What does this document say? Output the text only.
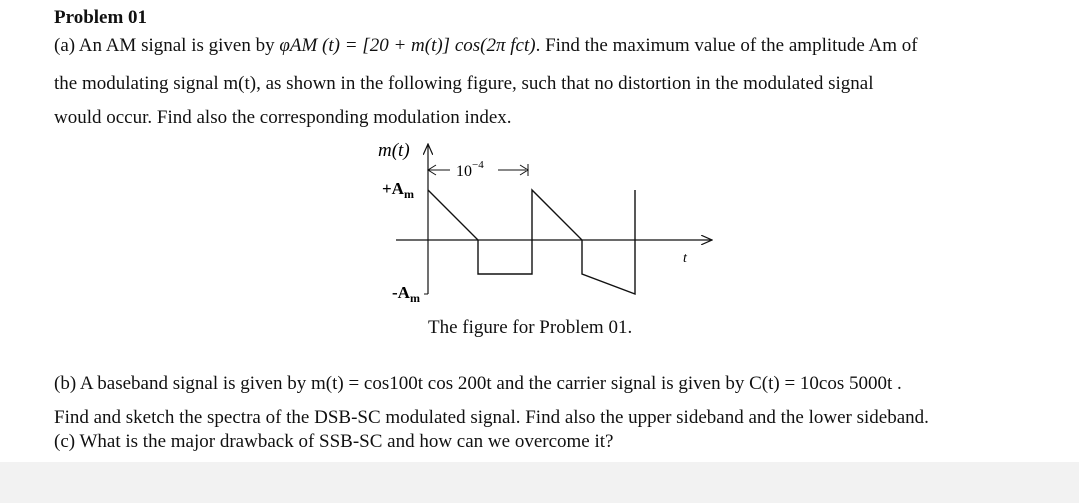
Problem 01
(a) An AM signal is given by φAM (t) = [20 + m(t)] cos(2π fct). Find the maximum value of the amplitude Am of
the modulating signal m(t), as shown in the following figure, such that no distortion in the modulated signal
would occur. Find also the corresponding modulation index.
m(t)
t
$10^{-4}$
$+A_m$
$-A_m$
The figure for Problem 01.
(b) A baseband signal is given by m(t) = cos100t cos 200t and the carrier signal is given by C(t) = 10cos 5000t .
Find and sketch the spectra of the DSB-SC modulated signal. Find also the upper sideband and the lower sideband.
(c) What is the major drawback of SSB-SC and how can we overcome it?
